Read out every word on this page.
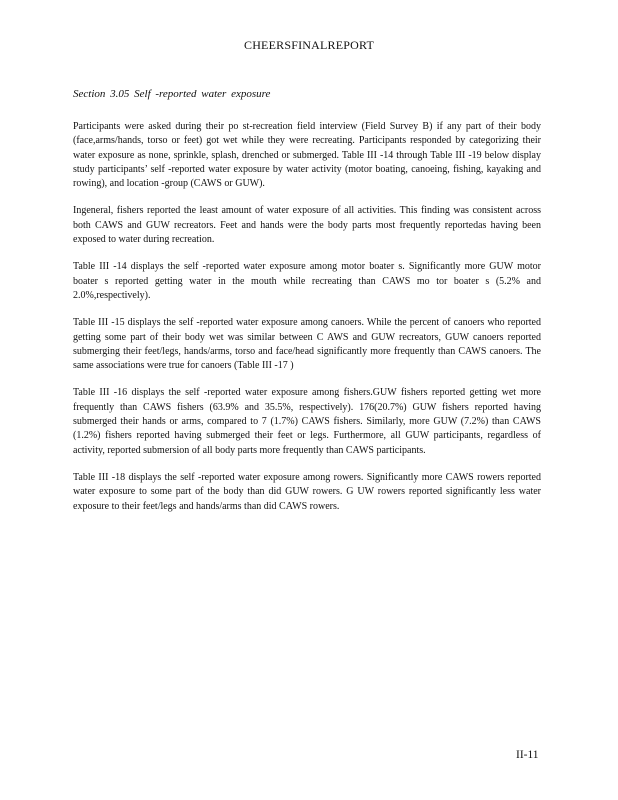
CHEERSFINALREPORT
Section 3.05 Self -reported water exposure

Participants were asked during their po st-recreation field interview (Field Survey B) if any part of their body (face,arms/hands, torso or feet) got wet while they were recreating. Participants responded by categorizing their water exposure as none, sprinkle, splash, drenched or submerged. Table III -14 through Table III -19 below display study participants’ self -reported water exposure by water activity (motor boating, canoeing, fishing, kayaking and rowing), and location -group (CAWS or GUW).

Ingeneral, fishers reported the least amount of water exposure of all activities. This finding was consistent across both CAWS and GUW recreators. Feet and hands were the body parts most frequently reportedas having been exposed to water during recreation.

Table III -14 displays the self -reported water exposure among motor boater s. Significantly more GUW motor boater s reported getting water in the mouth while recreating than CAWS mo tor boater s (5.2% and 2.0%,respectively).

Table III -15 displays the self -reported water exposure among canoers. While the percent of canoers who reported getting some part of their body wet was similar between C AWS and GUW recreators, GUW canoers reported submerging their feet/legs, hands/arms, torso and face/head significantly more frequently than CAWS canoers. The same associations were true for canoers (Table III -17 )

Table III -16 displays the self -reported water exposure among fishers.GUW fishers reported getting wet more frequently than CAWS fishers (63.9% and 35.5%, respectively). 176(20.7%) GUW fishers reported having submerged their hands or arms, compared to 7 (1.7%) CAWS fishers. Similarly, more GUW (7.2%) than CAWS (1.2%) fishers reported having submerged their feet or legs. Furthermore, all GUW participants, regardless of activity, reported submersion of all body parts more frequently than CAWS participants.

Table III -18 displays the self -reported water exposure among rowers. Significantly more CAWS rowers reported water exposure to some part of the body than did GUW rowers. G UW rowers reported significantly less water exposure to their feet/legs and hands/arms than did CAWS rowers.

II-11
